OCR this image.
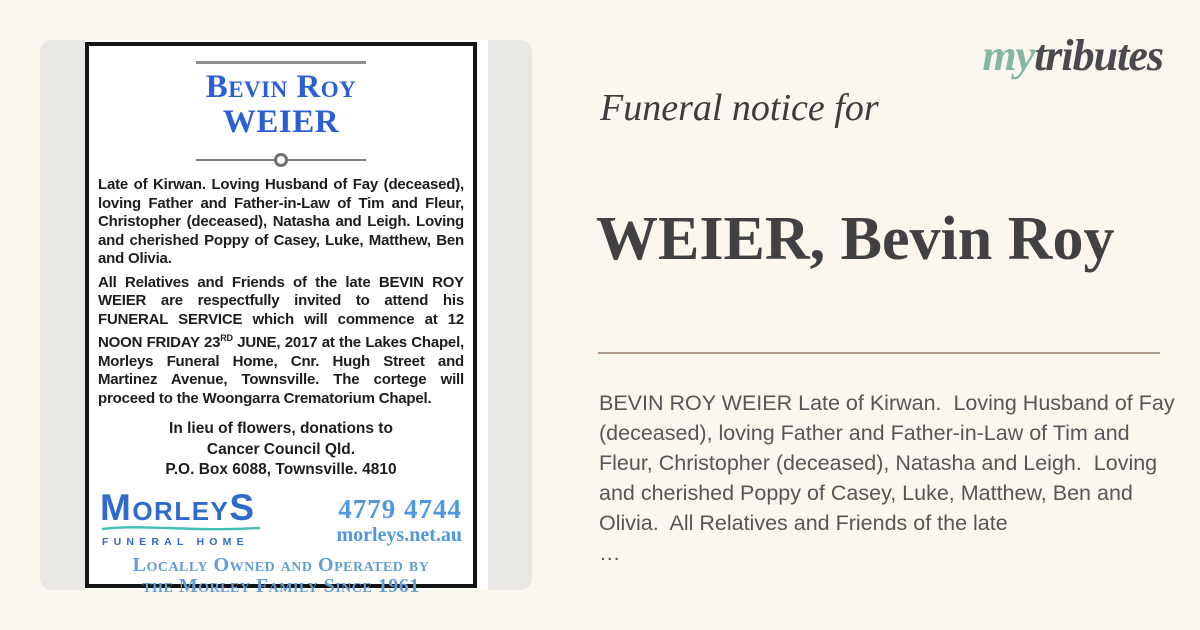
Bevin Roy
WEIER

Late of Kirwan. Loving Husband of Fay (deceased), loving Father and Father-in-Law of Tim and Fleur, Christopher (deceased), Natasha and Leigh. Loving and cherished Poppy of Casey, Luke, Matthew, Ben and Olivia.

All Relatives and Friends of the late BEVIN ROY WEIER are respectfully invited to attend his FUNERAL SERVICE which will commence at 12 NOON FRIDAY 23RD JUNE, 2017 at the Lakes Chapel, Morleys Funeral Home, Cnr. Hugh Street and Martinez Avenue, Townsville. The cortege will proceed to the Woongarra Crematorium Chapel.

In lieu of flowers, donations to
Cancer Council Qld.
P.O. Box 6088, Townsville. 4810
MorleyS
FUNERAL HOME
4779 4744
morleys.net.au
Locally Owned and Operated by
the Morley Family Since 1961
mytributes
Funeral notice for
WEIER, Bevin Roy

BEVIN ROY WEIER Late of Kirwan.  Loving Husband of Fay (deceased), loving Father and Father-in-Law of Tim and Fleur, Christopher (deceased), Natasha and Leigh.  Loving and cherished Poppy of Casey, Luke, Matthew, Ben and Olivia.  All Relatives and Friends of the late

…
